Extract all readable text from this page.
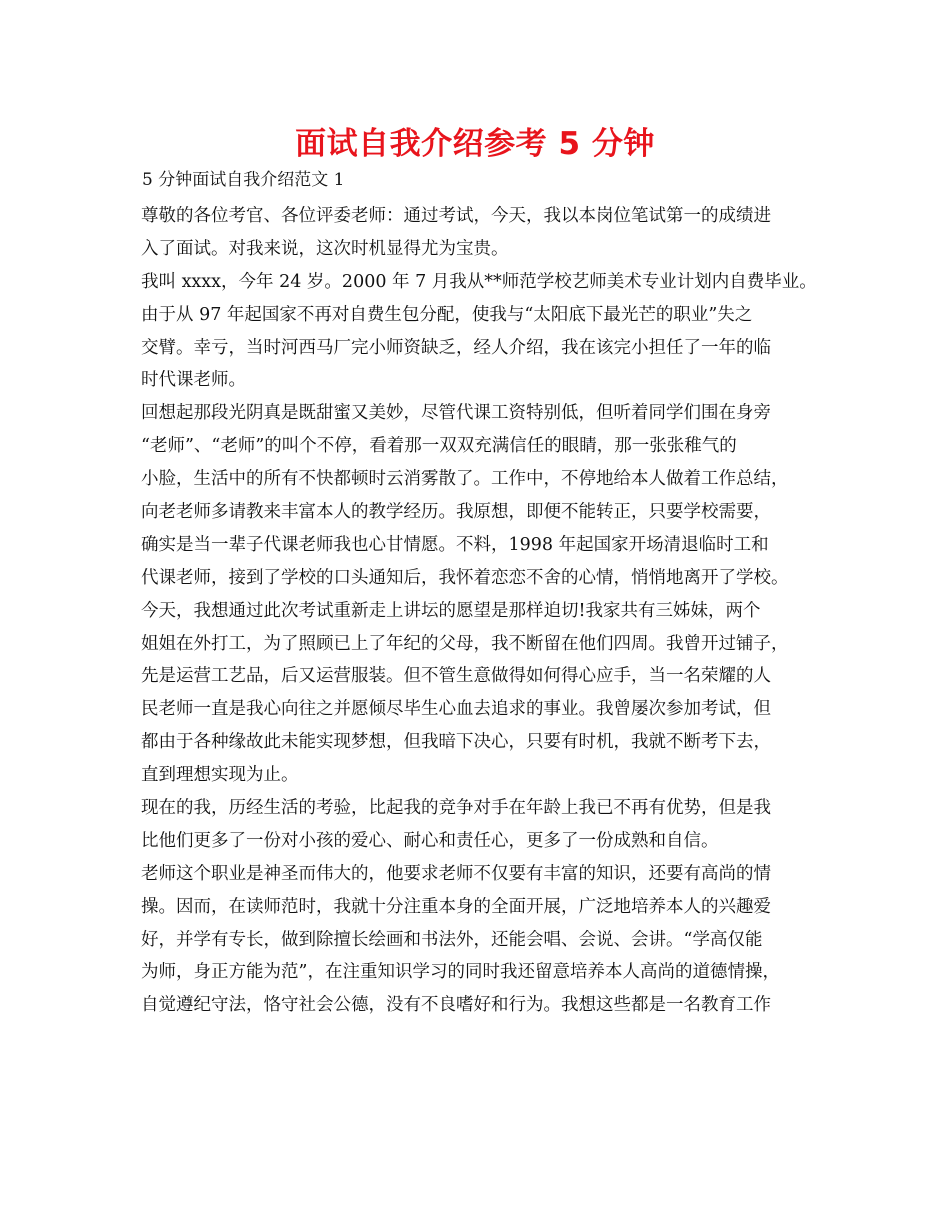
面试自我介绍参考 5 分钟

5 分钟面试自我介绍范文 1

尊敬的各位考官、各位评委老师：通过考试，今天，我以本岗位笔试第一的成绩进
入了面试。对我来说，这次时机显得尤为宝贵。
我叫 xxxx，今年 24 岁。2000 年 7 月我从**师范学校艺师美术专业计划内自费毕业。
由于从 97 年起国家不再对自费生包分配，使我与“太阳底下最光芒的职业”失之
交臂。幸亏，当时河西马厂完小师资缺乏，经人介绍，我在该完小担任了一年的临
时代课老师。
回想起那段光阴真是既甜蜜又美妙，尽管代课工资特别低，但听着同学们围在身旁
“老师”、“老师”的叫个不停，看着那一双双充满信任的眼睛，那一张张稚气的
小脸，生活中的所有不快都顿时云消雾散了。工作中，不停地给本人做着工作总结，
向老老师多请教来丰富本人的教学经历。我原想，即便不能转正，只要学校需要，
确实是当一辈子代课老师我也心甘情愿。不料，1998 年起国家开场清退临时工和
代课老师，接到了学校的口头通知后，我怀着恋恋不舍的心情，悄悄地离开了学校。
今天，我想通过此次考试重新走上讲坛的愿望是那样迫切!我家共有三姊妹，两个
姐姐在外打工，为了照顾已上了年纪的父母，我不断留在他们四周。我曾开过铺子，
先是运营工艺品，后又运营服装。但不管生意做得如何得心应手，当一名荣耀的人
民老师一直是我心向往之并愿倾尽毕生心血去追求的事业。我曾屡次参加考试，但
都由于各种缘故此未能实现梦想，但我暗下决心，只要有时机，我就不断考下去，
直到理想实现为止。
现在的我，历经生活的考验，比起我的竞争对手在年龄上我已不再有优势，但是我
比他们更多了一份对小孩的爱心、耐心和责任心，更多了一份成熟和自信。
老师这个职业是神圣而伟大的，他要求老师不仅要有丰富的知识，还要有高尚的情
操。因而，在读师范时，我就十分注重本身的全面开展，广泛地培养本人的兴趣爱
好，并学有专长，做到除擅长绘画和书法外，还能会唱、会说、会讲。“学高仅能
为师，身正方能为范”，在注重知识学习的同时我还留意培养本人高尚的道德情操，
自觉遵纪守法，恪守社会公德，没有不良嗜好和行为。我想这些都是一名教育工作
